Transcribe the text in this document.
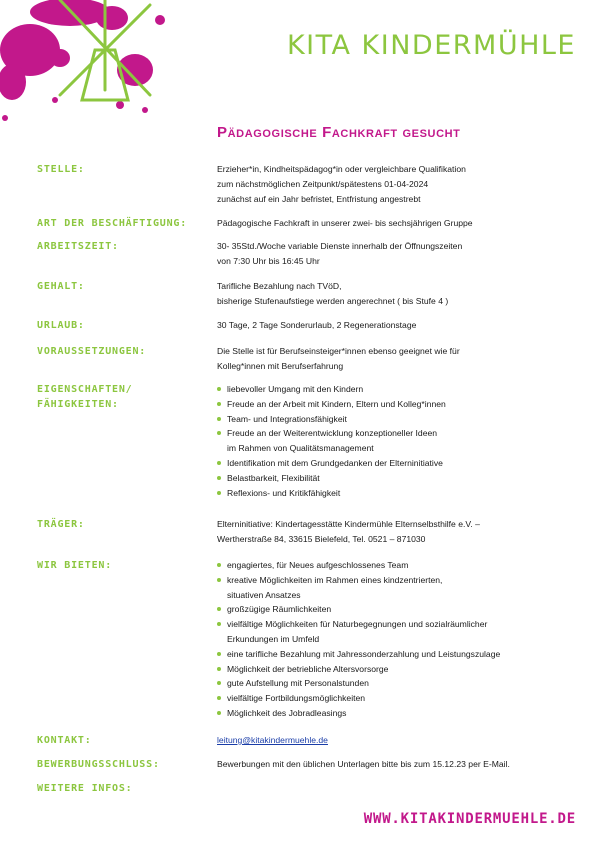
KITA KINDERMÜHLE
Pädagogische Fachkraft gesucht
STELLE:	Erzieher*in, Kindheitspädagog*in oder vergleichbare Qualifikation
zum nächstmöglichen Zeitpunkt/spätestens 01-04-2024
zunächst auf ein Jahr befristet, Entfristung angestrebt
ART DER BESCHÄFTIGUNG:	Pädagogische Fachkraft in unserer zwei- bis sechsjährigen Gruppe
ARBEITSZEIT:	30- 35Std./Woche variable Dienste innerhalb der Öffnungszeiten
von 7:30 Uhr bis 16:45 Uhr
GEHALT:	Tarifliche Bezahlung nach TVöD,
bisherige Stufenaufstiege werden angerechnet ( bis Stufe 4 )
URLAUB:	30 Tage, 2 Tage Sonderurlaub, 2 Regenerationstage
VORAUSSETZUNGEN:	Die Stelle ist für Berufseinsteiger*innen ebenso geeignet wie für
Kolleg*innen mit Berufserfahrung
EIGENSCHAFTEN/
FÄHIGKEITEN:
liebevoller Umgang mit den Kindern
Freude an der Arbeit mit Kindern, Eltern und Kolleg*innen
Team- und Integrationsfähigkeit
Freude an der Weiterentwicklung konzeptioneller Ideen
im Rahmen von Qualitätsmanagement
Identifikation mit dem Grundgedanken der Elterninitiative
Belastbarkeit, Flexibilität
Reflexions- und Kritikfähigkeit
TRÄGER:	Elterninitiative: Kindertagesstätte Kindermühle Elternselbsthilfe e.V. –
Wertherstraße 84, 33615 Bielefeld, Tel. 0521 – 871030
WIR BIETEN:	engagiertes, für Neues aufgeschlossenes Team
kreative Möglichkeiten im Rahmen eines kindzentrierten,
situativen Ansatzes
großzügige Räumlichkeiten
vielfältige Möglichkeiten für Naturbegegnungen und sozialräumlicher
Erkundungen im Umfeld
eine tarifliche Bezahlung mit Jahressonderzahlung und Leistungszulage
Möglichkeit der betriebliche Altersvorsorge
gute Aufstellung mit Personalstunden
vielfältige Fortbildungsmöglichkeiten
Möglichkeit des Jobradleasings
KONTAKT:	leitung@kitakindermuehle.de
BEWERBUNGSSCHLUSS:	Bewerbungen mit den üblichen Unterlagen bitte bis zum 15.12.23 per E-Mail.
WEITERE INFOS:
WWW.KITAKINDERMUEHLE.DE
